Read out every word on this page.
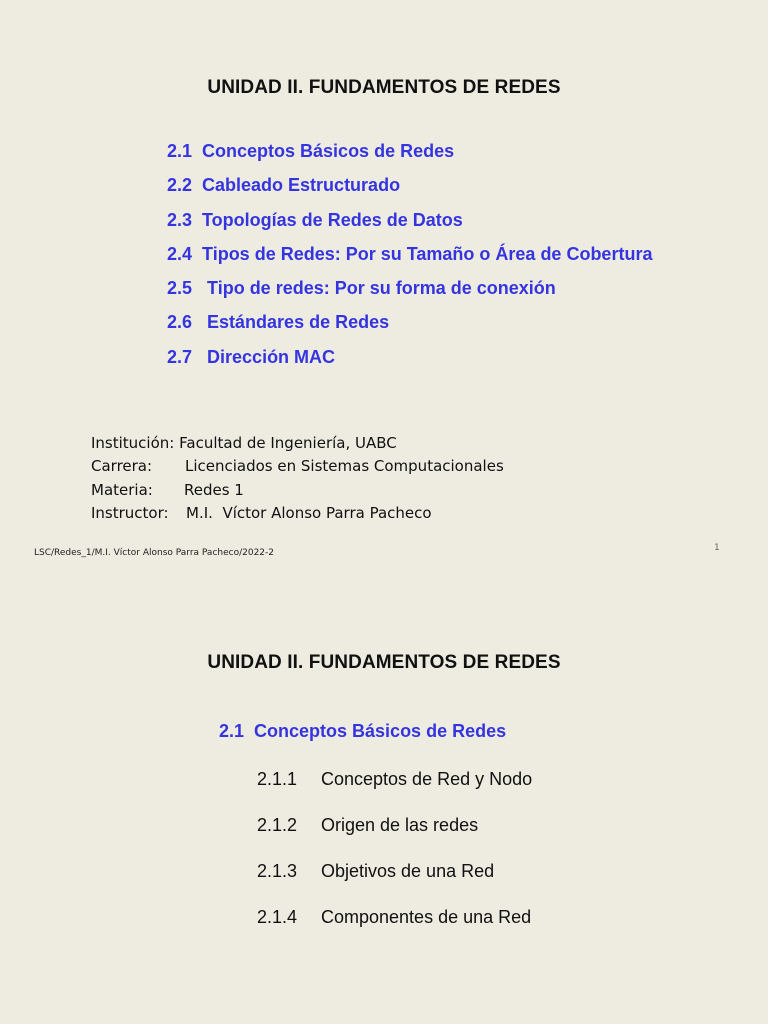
UNIDAD II. FUNDAMENTOS DE REDES
2.1  Conceptos Básicos de Redes
2.2  Cableado Estructurado
2.3  Topologías de Redes de Datos
2.4  Tipos de Redes: Por su Tamaño o Área de Cobertura
2.5   Tipo de redes: Por su forma de conexión
2.6   Estándares de Redes
2.7   Dirección MAC
Institución: Facultad de Ingeniería, UABC
Carrera: Licenciados en Sistemas Computacionales
Materia: Redes 1
Instructor: M.I.  Víctor Alonso Parra Pacheco
LSC/Redes_1/M.I. Víctor Alonso Parra Pacheco/2022-2	1
UNIDAD II. FUNDAMENTOS DE REDES
2.1  Conceptos Básicos de Redes
2.1.1 Conceptos de Red y Nodo
2.1.2 Origen de las redes
2.1.3 Objetivos de una Red
2.1.4 Componentes de una Red
